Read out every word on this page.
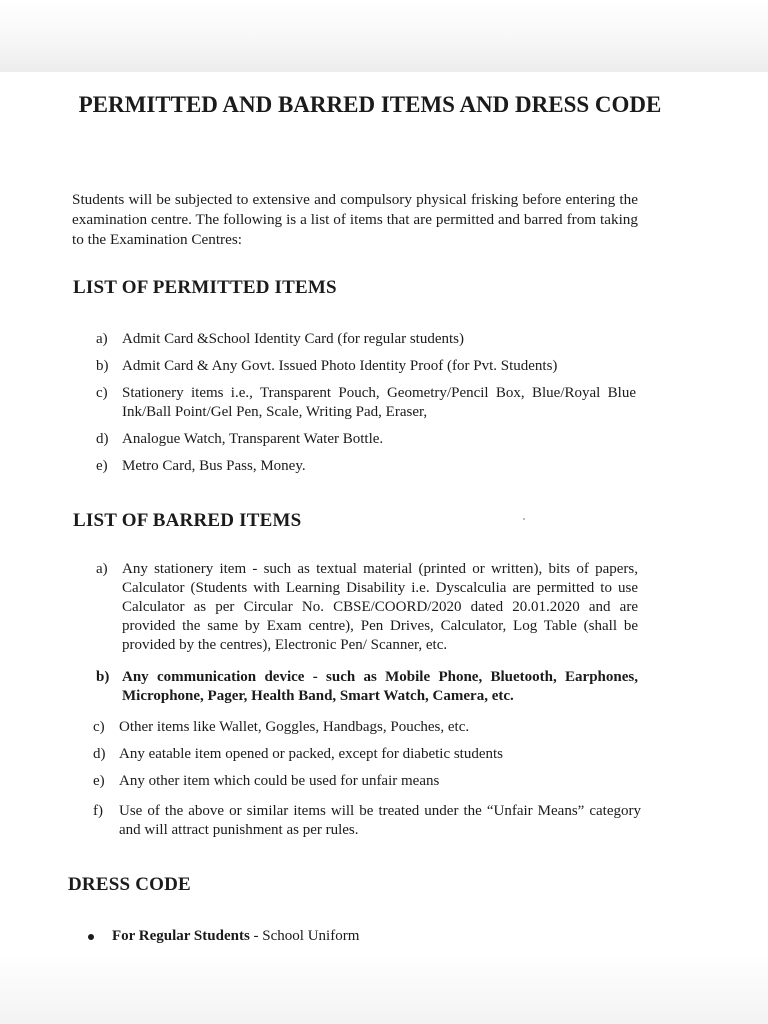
PERMITTED AND BARRED ITEMS AND DRESS CODE

Students will be subjected to extensive and compulsory physical frisking before entering the examination centre. The following is a list of items that are permitted and barred from taking to the Examination Centres:

LIST OF PERMITTED ITEMS
a) Admit Card &School Identity Card (for regular students)
b) Admit Card & Any Govt. Issued Photo Identity Proof (for Pvt. Students)
c) Stationery items i.e., Transparent Pouch, Geometry/Pencil Box, Blue/Royal Blue Ink/Ball Point/Gel Pen, Scale, Writing Pad, Eraser,
d) Analogue Watch, Transparent Water Bottle.
e) Metro Card, Bus Pass, Money.
LIST OF BARRED ITEMS
a) Any stationery item - such as textual material (printed or written), bits of papers, Calculator (Students with Learning Disability i.e. Dyscalculia are permitted to use Calculator as per Circular No. CBSE/COORD/2020 dated 20.01.2020 and are provided the same by Exam centre), Pen Drives, Calculator, Log Table (shall be provided by the centres), Electronic Pen/ Scanner, etc.
b) Any communication device - such as Mobile Phone, Bluetooth, Earphones, Microphone, Pager, Health Band, Smart Watch, Camera, etc.
c) Other items like Wallet, Goggles, Handbags, Pouches, etc.
d) Any eatable item opened or packed, except for diabetic students
e) Any other item which could be used for unfair means
f)	Use of the above or similar items will be treated under the “Unfair Means” category and will attract punishment as per rules.
DRESS CODE

For Regular Students - School Uniform
